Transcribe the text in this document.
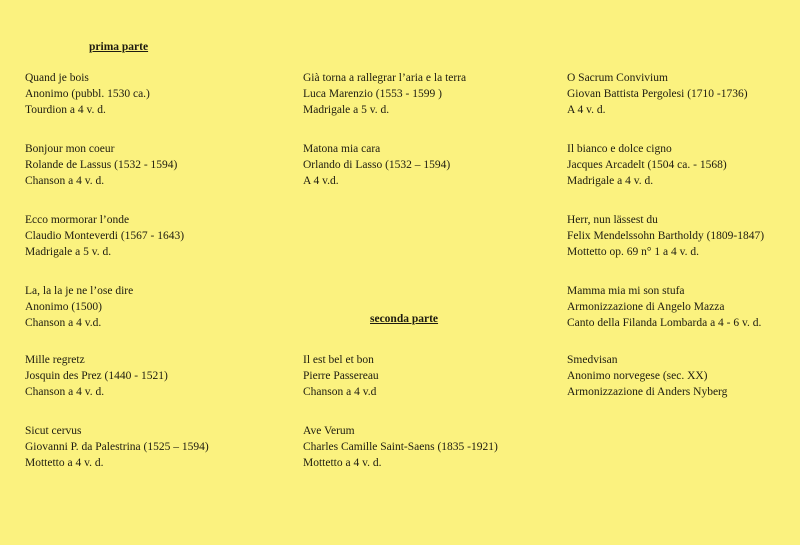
prima parte
seconda parte
Quand je bois
Anonimo (pubbl. 1530 ca.)
Tourdion a 4 v. d.
Bonjour mon coeur
Rolande de Lassus (1532 - 1594)
Chanson a 4 v. d.
Ecco mormorar l’onde
Claudio Monteverdi (1567 - 1643)
Madrigale a 5 v. d.
La, la la je ne l’ose dire
Anonimo (1500)
Chanson a 4 v.d.
Mille regretz
Josquin des Prez (1440 - 1521)
Chanson a 4 v. d.
Sicut cervus
Giovanni P. da Palestrina (1525 – 1594)
Mottetto a 4 v. d.
Già torna a rallegrar l’aria e la terra
Luca Marenzio (1553 - 1599 )
Madrigale a 5 v. d.
Matona mia cara
Orlando di Lasso (1532 – 1594)
A 4 v.d.
Il est bel et bon
Pierre Passereau
Chanson a 4 v.d
Ave Verum
Charles Camille Saint-Saens (1835 -1921)
Mottetto a 4 v. d.
O Sacrum Convivium
Giovan Battista Pergolesi (1710 -1736)
A 4 v. d.
Il bianco e dolce cigno
Jacques Arcadelt (1504 ca. - 1568)
Madrigale a 4 v. d.
Herr, nun lässest du
Felix Mendelssohn Bartholdy (1809-1847)
Mottetto op. 69 n° 1 a 4 v. d.
Mamma mia mi son stufa
Armonizzazione di Angelo Mazza
Canto della Filanda Lombarda a 4 - 6 v. d.
Smedvisan
Anonimo norvegese (sec. XX)
Armonizzazione di Anders Nyberg
